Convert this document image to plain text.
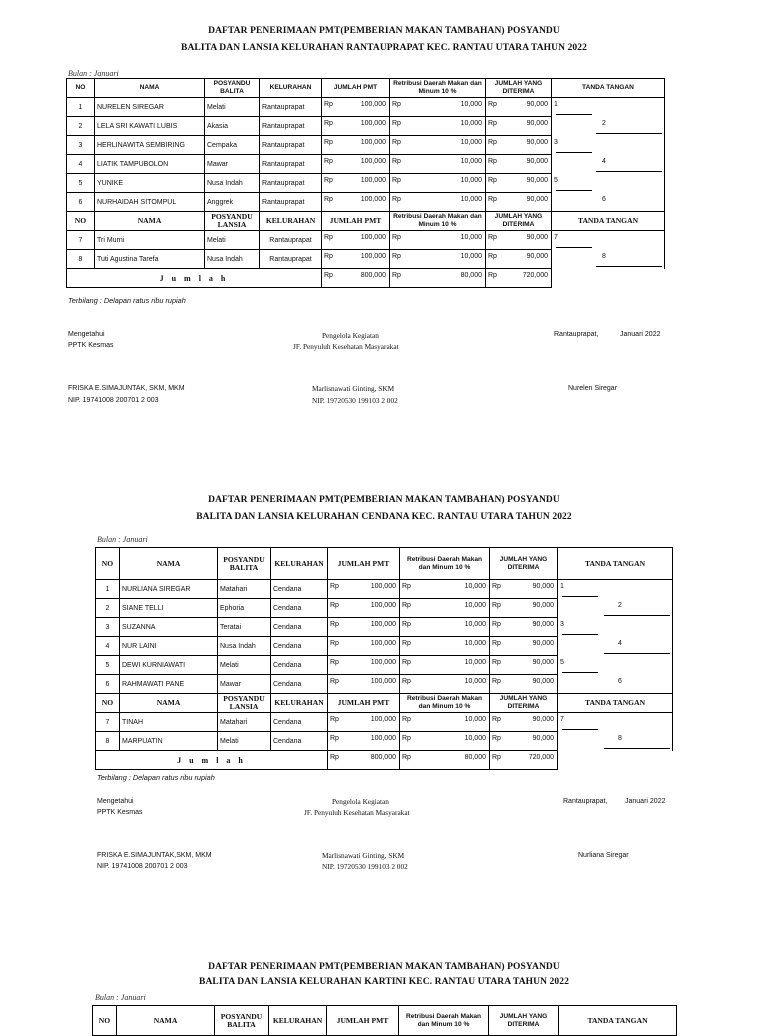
DAFTAR PENERIMAAN PMT(PEMBERIAN MAKAN TAMBAHAN) POSYANDU
BALITA DAN LANSIA KELURAHAN RANTAUPRAPAT KEC. RANTAU UTARA TAHUN 2022
Bulan : Januari
NO	NAMA	POSYANDU BALITA	KELURAHAN	JUMLAH PMT	Retribusi Daerah Makan dan Minum 10 %	JUMLAH YANG DITERIMA	TANDA TANGAN
1	NURELEN SIREGAR	Melati	Rantauprapat	Rp 100,000	Rp 10,000	Rp 90,000	1

2	LELA SRI KAWATI LUBIS	Akasia	Rantauprapat	Rp 100,000	Rp 10,000	Rp 90,000	2

3	HERLINAWITA SEMBIRING	Cempaka	Rantauprapat	Rp 100,000	Rp 10,000	Rp 90,000	3

4	LIATIK TAMPUBOLON	Mawar	Rantauprapat	Rp 100,000	Rp 10,000	Rp 90,000	4

5	YUNIKE	Nusa Indah	Rantauprapat	Rp 100,000	Rp 10,000	Rp 90,000	5

6	NURHAIDAH SITOMPUL	Anggrek	Rantauprapat	Rp 100,000	Rp 10,000	Rp 90,000	6

NO	NAMA	POSYANDU LANSIA	KELURAHAN	JUMLAH PMT	Retribusi Daerah Makan dan Minum 10 %	JUMLAH YANG DITERIMA	TANDA TANGAN
7	Tri Murni	Melati	Rantauprapat	Rp 100,000	Rp 10,000	Rp 90,000	7

8	Tuti Agustina Tarefa	Nusa Indah	Rantauprapat	Rp 100,000	Rp 10,000	Rp 90,000	8

J u m l a h				Rp 800,000	Rp 80,000	Rp 720,000	

Terbilang : Delapan ratus ribu rupiah
Mengetahui
PPTK Kesmas
Pengelola Kegiatan
JF. Penyuluh Kesehatan Masyarakat
Rantauprapat,	Januari 2022
FRISKA E.SIMAJUNTAK, SKM, MKM
NIP. 19741008 200701 2 003
Marlisnawati Ginting, SKM
NIP. 19720530 199103 2 002
Nurelen Siregar
DAFTAR PENERIMAAN PMT(PEMBERIAN MAKAN TAMBAHAN) POSYANDU
BALITA DAN LANSIA KELURAHAN CENDANA KEC. RANTAU UTARA TAHUN 2022
Bulan : Januari
NO	NAMA	POSYANDU BALITA	KELURAHAN	JUMLAH PMT	Retribusi Daerah Makan dan Minum 10 %	JUMLAH YANG DITERIMA	TANDA TANGAN
1	NURLIANA SIREGAR	Matahari	Cendana	Rp 100,000	Rp 10,000	Rp 90,000	1

2	SIANE TELLI	Ephoria	Cendana	Rp 100,000	Rp 10,000	Rp 90,000	2

3	SUZANNA	Teratai	Cendana	Rp 100,000	Rp 10,000	Rp 90,000	3

4	NUR LAINI	Nusa Indah	Cendana	Rp 100,000	Rp 10,000	Rp 90,000	4

5	DEWI KURNIAWATI	Melati	Cendana	Rp 100,000	Rp 10,000	Rp 90,000	5

6	RAHMAWATI PANE	Mawar	Cendana	Rp 100,000	Rp 10,000	Rp 90,000	6

NO	NAMA	POSYANDU LANSIA	KELURAHAN	JUMLAH PMT	Retribusi Daerah Makan dan Minum 10 %	JUMLAH YANG DITERIMA	TANDA TANGAN
7	TINAH	Matahari	Cendana	Rp 100,000	Rp 10,000	Rp 90,000	7

8	MARPUATIN	Melati	Cendana	Rp 100,000	Rp 10,000	Rp 90,000	8

J u m l a h				Rp 800,000	Rp 80,000	Rp 720,000	

Terbilang : Delapan ratus ribu rupiah
Mengetahui
PPTK Kesmas
Pengelola Kegiatan
JF. Penyuluh Kesehatan Masyarakat
Rantauprapat,	Januari 2022
FRISKA E.SIMAJUNTAK,SKM, MKM
NIP. 19741008 200701 2 003
Marlisnawati Ginting, SKM
NIP. 19720530 199103 2 002
Nurliana Siregar
DAFTAR PENERIMAAN PMT(PEMBERIAN MAKAN TAMBAHAN) POSYANDU
BALITA DAN LANSIA KELURAHAN KARTINI KEC. RANTAU UTARA TAHUN 2022
Bulan : Januari
NO	NAMA	POSYANDU BALITA	KELURAHAN	JUMLAH PMT	Retribusi Daerah Makan dan Minum 10 %	JUMLAH YANG DITERIMA	TANDA TANGAN
